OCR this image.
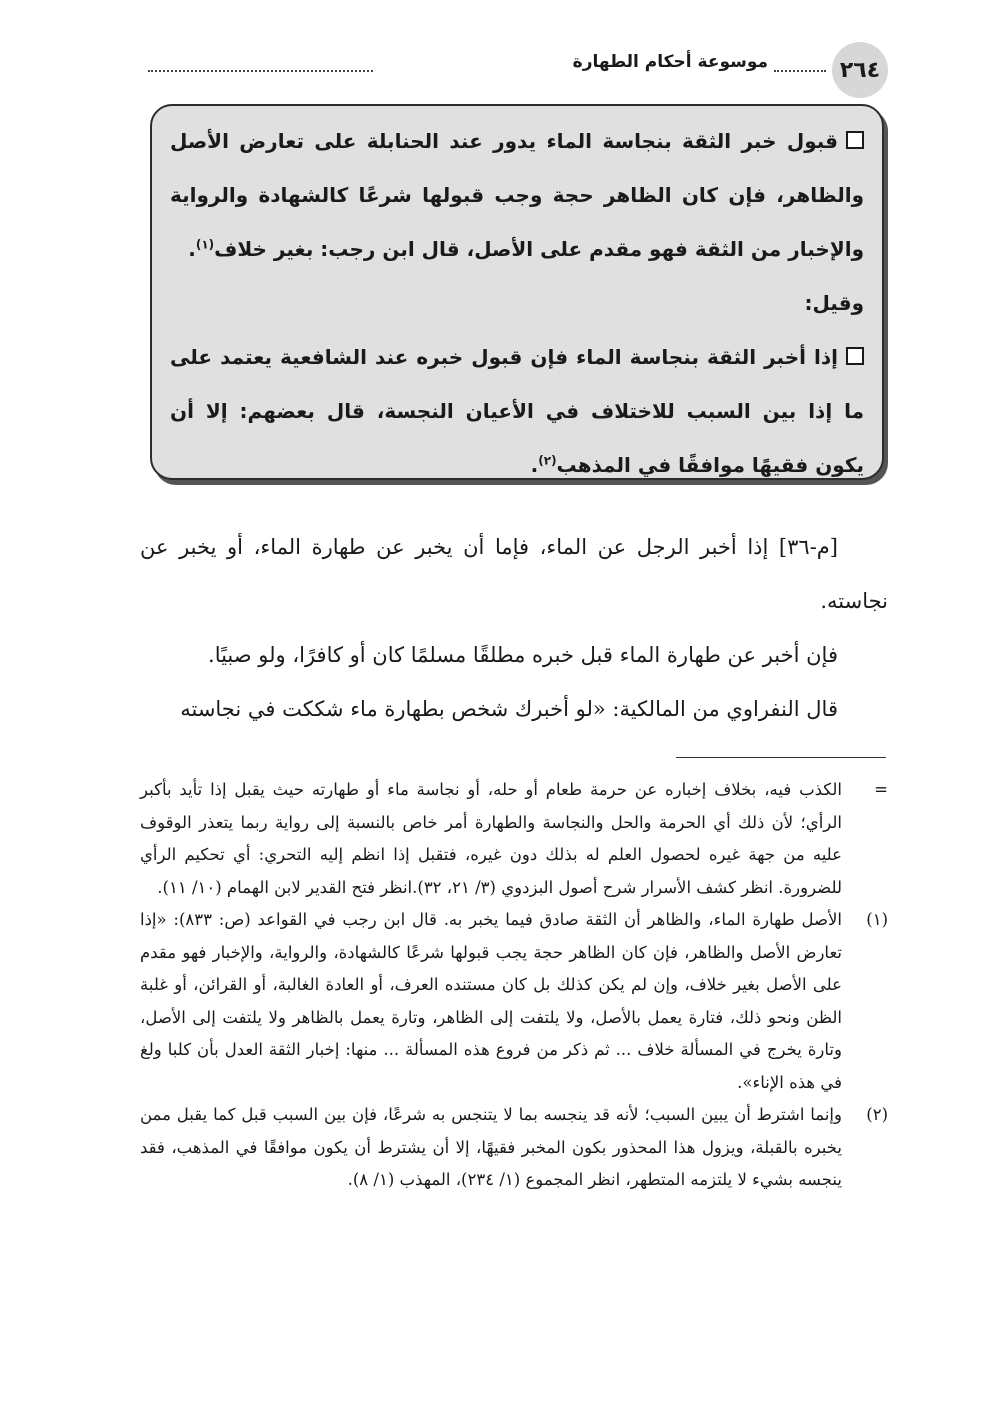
٢٦٤
موسوعة أحكام الطهارة

قبول خبر الثقة بنجاسة الماء يدور عند الحنابلة على تعارض الأصل والظاهر، فإن كان الظاهر حجة وجب قبولها شرعًا كالشهادة والرواية والإخبار من الثقة فهو مقدم على الأصل، قال ابن رجب: بغير خلاف$^{(١)}$.

وقيل:

إذا أخبر الثقة بنجاسة الماء فإن قبول خبره عند الشافعية يعتمد على ما إذا بين السبب للاختلاف في الأعيان النجسة، قال بعضهم: إلا أن يكون فقيهًا موافقًا في المذهب$^{(٢)}$.

[م-٣٦] إذا أخبر الرجل عن الماء، فإما أن يخبر عن طهارة الماء، أو يخبر عن نجاسته.

فإن أخبر عن طهارة الماء قبل خبره مطلقًا مسلمًا كان أو كافرًا، ولو صبيًا.

قال النفراوي من المالكية: «لو أخبرك شخص بطهارة ماء شككت في نجاسته

=
الكذب فيه، بخلاف إخباره عن حرمة طعام أو حله، أو نجاسة ماء أو طهارته حيث يقبل إذا تأيد بأكبر الرأي؛ لأن ذلك أي الحرمة والحل والنجاسة والطهارة أمر خاص بالنسبة إلى رواية ربما يتعذر الوقوف عليه من جهة غيره لحصول العلم له بذلك دون غيره، فتقبل إذا انظم إليه التحري: أي تحكيم الرأي للضرورة. انظر كشف الأسرار شرح أصول البزدوي (٣/ ٢١، ٣٢).انظر فتح القدير لابن الهمام (١٠/ ١١).
(١)
الأصل طهارة الماء، والظاهر أن الثقة صادق فيما يخبر به. قال ابن رجب في القواعد (ص: ٨٣٣): «إذا تعارض الأصل والظاهر، فإن كان الظاهر حجة يجب قبولها شرعًا كالشهادة، والرواية، والإخبار فهو مقدم على الأصل بغير خلاف، وإن لم يكن كذلك بل كان مستنده العرف، أو العادة الغالبة، أو القرائن، أو غلبة الظن ونحو ذلك، فتارة يعمل بالأصل، ولا يلتفت إلى الظاهر، وتارة يعمل بالظاهر ولا يلتفت إلى الأصل، وتارة يخرج في المسألة خلاف ... ثم ذكر من فروع هذه المسألة ... منها: إخبار الثقة العدل بأن كلبا ولغ في هذه الإناء».
(٢)
وإنما اشترط أن يبين السبب؛ لأنه قد ينجسه بما لا يتنجس به شرعًا، فإن بين السبب قبل كما يقبل ممن يخبره بالقبلة، ويزول هذا المحذور بكون المخبر فقيهًا، إلا أن يشترط أن يكون موافقًا في المذهب، فقد ينجسه بشيء لا يلتزمه المتطهر، انظر المجموع (١/ ٢٣٤)، المهذب (١/ ٨).
